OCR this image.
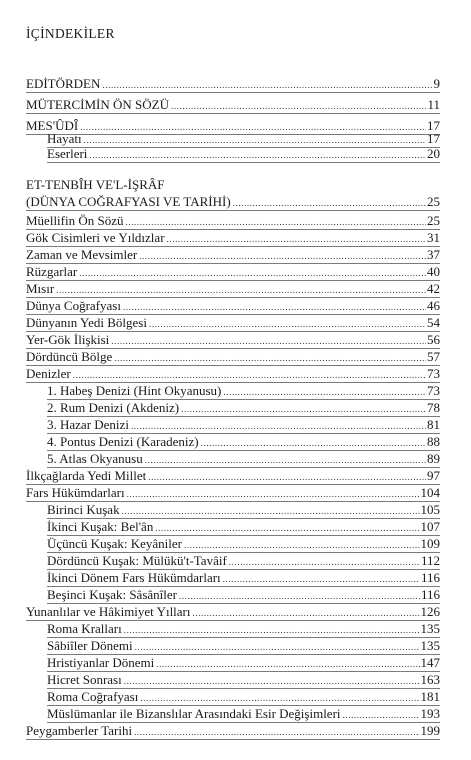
İÇİNDEKİLER
EDİTÖRDEN .....	9
MÜTERCİMİN ÖN SÖZÜ .....	11
MES'ÛDÎ .....	17
Hayatı .....	17
Eserleri .....	20
ET-TENBÎH VE'L-İŞRÂF
(DÜNYA COĞRAFYASI VE TARİHİ) .....	25
Müellifin Ön Sözü .....	25
Gök Cisimleri ve Yıldızlar .....	31
Zaman ve Mevsimler .....	37
Rüzgarlar .....	40
Mısır .....	42
Dünya Coğrafyası .....	46
Dünyanın Yedi Bölgesi .....	54
Yer-Gök İlişkisi .....	56
Dördüncü Bölge .....	57
Denizler .....	73
1. Habeş Denizi (Hint Okyanusu) .....	73
2. Rum Denizi (Akdeniz) .....	78
3. Hazar Denizi .....	81
4. Pontus Denizi (Karadeniz) .....	88
5. Atlas Okyanusu .....	89
İlkçağlarda Yedi Millet .....	97
Fars Hükümdarları .....	104
Birinci Kuşak .....	105
İkinci Kuşak: Bel'ân .....	107
Üçüncü Kuşak: Keyâniler .....	109
Dördüncü Kuşak: Mülükü't-Tavâif .....	112
İkinci Dönem Fars Hükümdarları .....	116
Beşinci Kuşak: Sâsânîler .....	116
Yunanlılar ve Hâkimiyet Yılları .....	126
Roma Kralları .....	135
Sâbiîler Dönemi .....	135
Hristiyanlar Dönemi .....	147
Hicret Sonrası .....	163
Roma Coğrafyası .....	181
Müslümanlar ile Bizanslılar Arasındaki Esir Değişimleri .....	193
Peygamberler Tarihi .....	199
